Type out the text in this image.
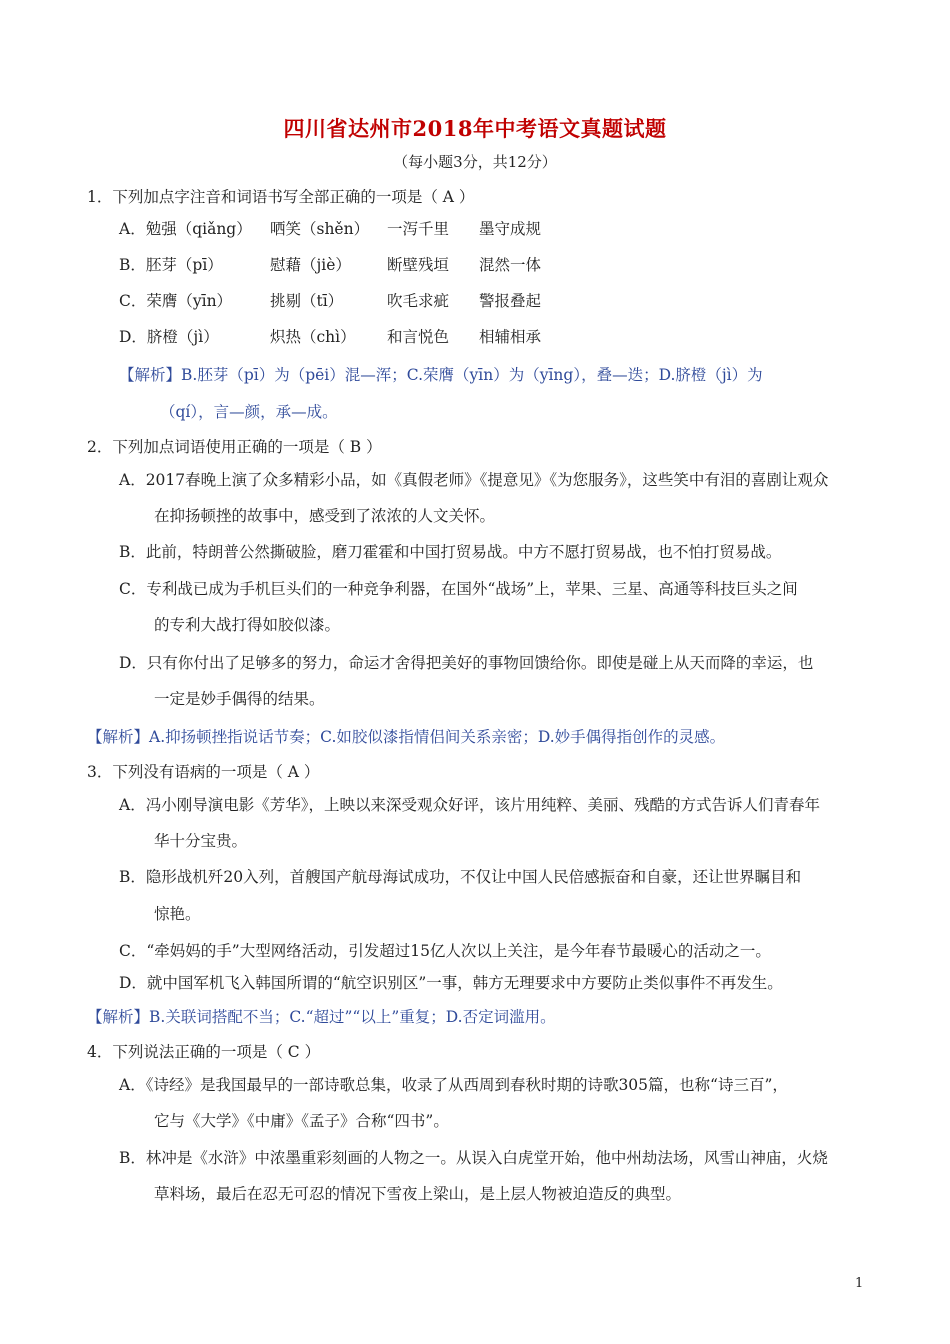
四川省达州市2018年中考语文真题试题
（每小题3分，共12分）
1．下列加点字注音和词语书写全部正确的一项是（ A ）
A．勉强（qiǎng） 哂笑（shěn） 一泻千里 墨守成规
B．胚芽（pī）	慰藉（jiè） 断壁残垣 混然一体
C．荣膺（yīn） 挑剔（tī）	吹毛求疵 警报叠起
D．脐橙（jì）	炽热（chì） 和言悦色 相辅相承
【解析】B.胚芽（pī）为（pēi）混—浑；C.荣膺（yīn）为（yīng），叠—迭；D.脐橙（jì）为
（qí），言—颜，承—成。
2．下列加点词语使用正确的一项是（ B ）
A．2017春晚上演了众多精彩小品，如《真假老师》《提意见》《为您服务》，这些笑中有泪的喜剧让观众
在抑扬顿挫的故事中，感受到了浓浓的人文关怀。
B．此前，特朗普公然撕破脸，磨刀霍霍和中国打贸易战。中方不愿打贸易战，也不怕打贸易战。
C．专利战已成为手机巨头们的一种竞争利器，在国外“战场”上，苹果、三星、高通等科技巨头之间
的专利大战打得如胶似漆。
D．只有你付出了足够多的努力，命运才舍得把美好的事物回馈给你。即使是碰上从天而降的幸运，也
一定是妙手偶得的结果。
【解析】A.抑扬顿挫指说话节奏；C.如胶似漆指情侣间关系亲密；D.妙手偶得指创作的灵感。
3．下列没有语病的一项是（ A ）
A．冯小刚导演电影《芳华》，上映以来深受观众好评，该片用纯粹、美丽、残酷的方式告诉人们青春年
华十分宝贵。
B．隐形战机歼20入列，首艘国产航母海试成功，不仅让中国人民倍感振奋和自豪，还让世界瞩目和
惊艳。
C．“牵妈妈的手”大型网络活动，引发超过15亿人次以上关注，是今年春节最暖心的活动之一。
D．就中国军机飞入韩国所谓的“航空识别区”一事，韩方无理要求中方要防止类似事件不再发生。
【解析】B.关联词搭配不当；C.“超过”“以上”重复；D.否定词滥用。
4．下列说法正确的一项是（ C ）
A．《诗经》是我国最早的一部诗歌总集，收录了从西周到春秋时期的诗歌305篇，也称“诗三百”，
它与《大学》《中庸》《孟子》合称“四书”。
B．林冲是《水浒》中浓墨重彩刻画的人物之一。从误入白虎堂开始，他中州劫法场，风雪山神庙，火烧
草料场，最后在忍无可忍的情况下雪夜上梁山，是上层人物被迫造反的典型。
1
